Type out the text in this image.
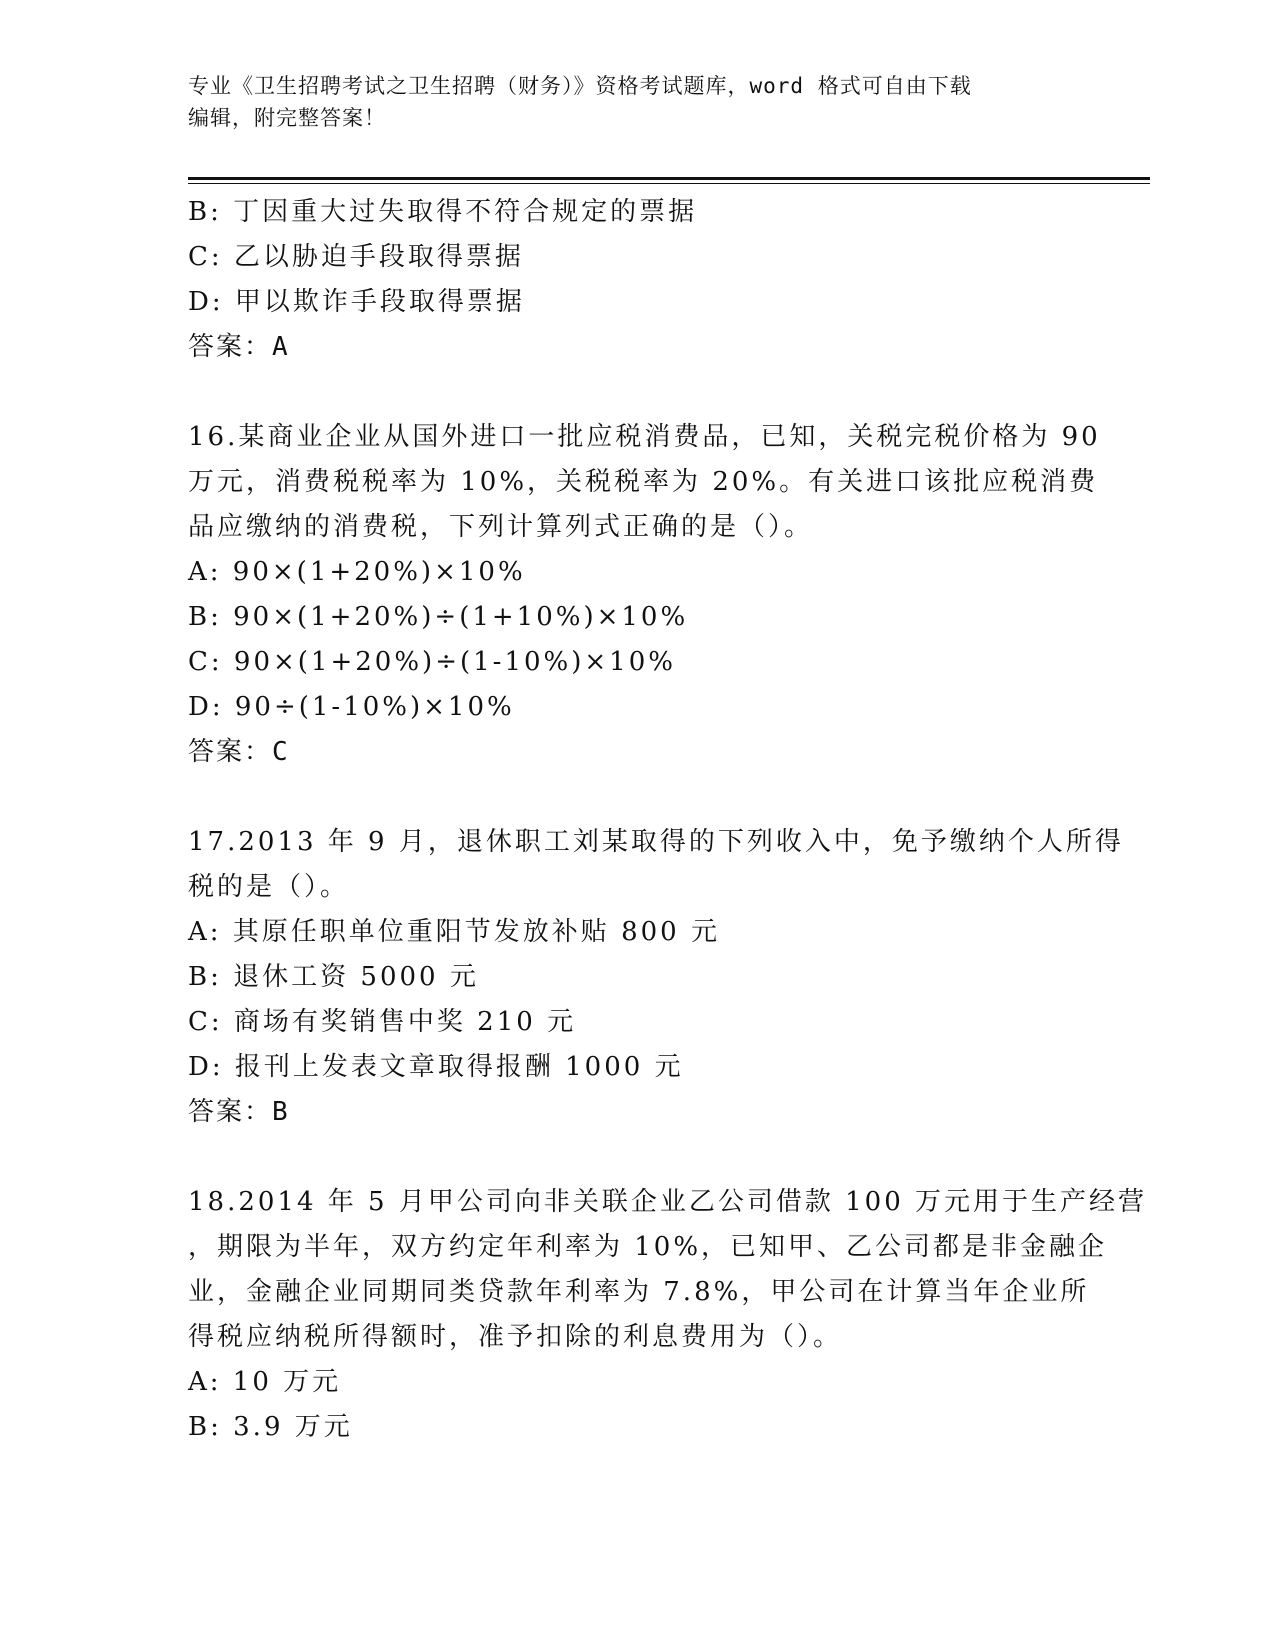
专业《卫生招聘考试之卫生招聘（财务）》资格考试题库，word 格式可自由下载
编辑，附完整答案！
B: 丁因重大过失取得不符合规定的票据
C: 乙以胁迫手段取得票据
D: 甲以欺诈手段取得票据
答案：A
16.某商业企业从国外进口一批应税消费品，已知，关税完税价格为 90
万元，消费税税率为 10%，关税税率为 20%。有关进口该批应税消费
品应缴纳的消费税，下列计算列式正确的是（）。
A: 90×(1+20%)×10%
B: 90×(1+20%)÷(1+10%)×10%
C: 90×(1+20%)÷(1-10%)×10%
D: 90÷(1-10%)×10%
答案：C
17.2013 年 9 月，退休职工刘某取得的下列收入中，免予缴纳个人所得
税的是（）。
A: 其原任职单位重阳节发放补贴 800 元
B: 退休工资 5000 元
C: 商场有奖销售中奖 210 元
D: 报刊上发表文章取得报酬 1000 元
答案：B
18.2014 年 5 月甲公司向非关联企业乙公司借款 100 万元用于生产经营
，期限为半年，双方约定年利率为 10%，已知甲、乙公司都是非金融企
业，金融企业同期同类贷款年利率为 7.8%，甲公司在计算当年企业所
得税应纳税所得额时，准予扣除的利息费用为（）。
A: 10 万元
B: 3.9 万元
